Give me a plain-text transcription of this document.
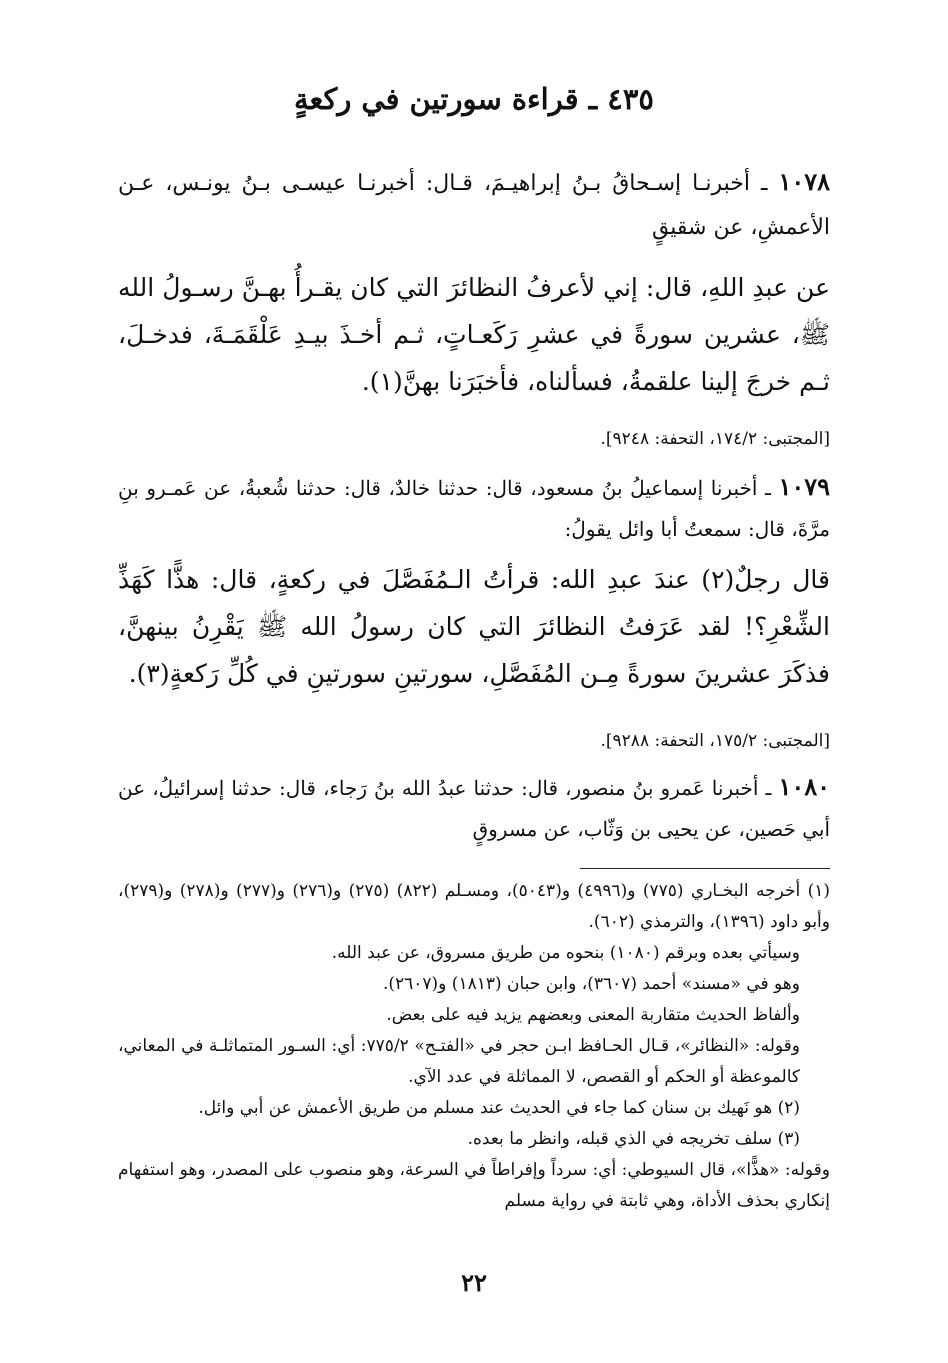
٤٣٥ ـ قراءة سورتين في ركعةٍ
١٠٧٨ ـ أخبرنـا إسـحاقُ بـنُ إبراهيـمَ، قـال: أخبرنـا عيسـى بـنُ يونـس، عـن الأعمشِ، عن شقيقٍ
عن عبدِ اللهِ، قال: إني لأعرفُ النظائرَ التي كان يقـرأُ بهـنَّ رسـولُ الله ﷺ، عشرين سورةً في عشرِ رَكَعـاتٍ، ثـم أخـذَ بيـدِ عَلْقَمَـةَ، فدخـلَ، ثـم خرجَ إلينا علقمةُ، فسألناه، فأخبَرَنا بهنَّ(١).
[المجتبى: ١٧٤/٢، التحفة: ٩٢٤٨].
١٠٧٩ ـ أخبرنا إسماعيلُ بنُ مسعود، قال: حدثنا خالدٌ، قال: حدثنا شُعبةُ، عن عَمـرو بنِ مرَّةَ، قال: سمعتُ أبا وائل يقولُ:
قال رجلٌ(٢) عندَ عبدِ الله: قرأتُ الـمُفَصَّلَ في ركعةٍ، قال: هذًّا كَهَذِّ الشِّعْرِ؟! لقد عَرَفتُ النظائرَ التي كان رسولُ الله ﷺ يَقْرِنُ بينهنَّ، فذكَرَ عشرينَ سورةً مِـن المُفَصَّلِ، سورتينِ سورتينِ في كُلِّ رَكعةٍ(٣).
[المجتبى: ١٧٥/٢، التحفة: ٩٢٨٨].
١٠٨٠ ـ أخبرنا عَمرو بنُ منصور، قال: حدثنا عبدُ الله بنُ رَجاء، قال: حدثنا إسرائيلُ، عن أبي حَصين، عن يحيى بن وَثّاب، عن مسروقٍ

(١) أخرجه البخـاري (٧٧٥) و(٤٩٩٦) و(٥٠٤٣)، ومسـلم (٨٢٢) (٢٧٥) و(٢٧٦) و(٢٧٧) و(٢٧٨) و(٢٧٩)، وأبو داود (١٣٩٦)، والترمذي (٦٠٢).

وسيأتي بعده وبرقم (١٠٨٠) بنحوه من طريق مسروق، عن عبد الله.

وهو في «مسند» أحمد (٣٦٠٧)، وابن حبان (١٨١٣) و(٢٦٠٧).

وألفاظ الحديث متقاربة المعنى وبعضهم يزيد فيه على بعض.

وقوله: «النظائر»، قـال الحـافظ ابـن حجر في «الفتـح» ٧٧٥/٢: أي: السـور المتماثلـة في المعاني، كالموعظة أو الحكم أو القصص، لا المماثلة في عدد الآي.

(٢) هو نَهيك بن سنان كما جاء في الحديث عند مسلم من طريق الأعمش عن أبي وائل.

(٣) سلف تخريجه في الذي قبله، وانظر ما بعده.

وقوله: «هذًّا»، قال السيوطي: أي: سرداً وإفراطاً في السرعة، وهو منصوب على المصدر، وهو استفهام إنكاري بحذف الأداة، وهي ثابتة في رواية مسلم

٢٢
